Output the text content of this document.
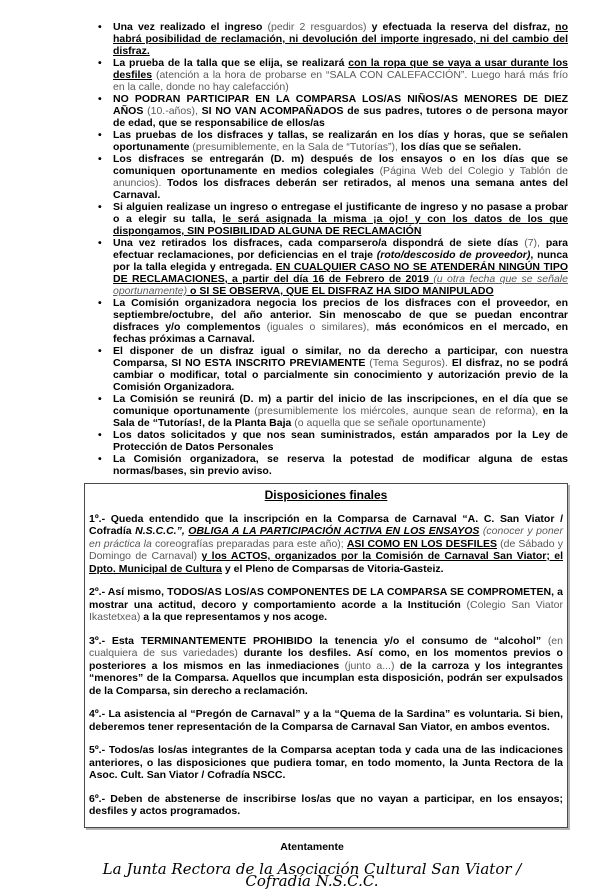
• Una vez realizado el ingreso (pedir 2 resguardos) y efectuada la reserva del disfraz, no habrá posibilidad de reclamación, ni devolución del importe ingresado, ni del cambio del disfraz.
• La prueba de la talla que se elija, se realizará con la ropa que se vaya a usar durante los desfiles (atención a la hora de probarse en “SALA CON CALEFACCIÓN”. Luego hará más frío en la calle, donde no hay calefacción)
• NO PODRAN PARTICIPAR EN LA COMPARSA LOS/AS NIÑOS/AS MENORES DE DIEZ AÑOS (10.-años), SI NO VAN ACOMPAÑADOS de sus padres, tutores o de persona mayor de edad, que se responsabilice de ellos/as
• Las pruebas de los disfraces y tallas, se realizarán en los días y horas, que se señalen oportunamente (presumiblemente, en la Sala de “Tutorías”), los días que se señalen.
• Los disfraces se entregarán (D. m) después de los ensayos o en los días que se comuniquen oportunamente en medios colegiales (Página Web del Colegio y Tablón de anuncios). Todos los disfraces deberán ser retirados, al menos una semana antes del Carnaval.
• Si alguien realizase un ingreso o entregase el justificante de ingreso y no pasase a probar o a elegir su talla, le será asignada la misma ¡a ojo! y con los datos de los que dispongamos, SIN POSIBILIDAD ALGUNA DE RECLAMACIÓN
• Una vez retirados los disfraces, cada comparsero/a dispondrá de siete días (7), para efectuar reclamaciones, por deficiencias en el traje (roto/descosido de proveedor), nunca por la talla elegida y entregada. EN CUALQUIER CASO NO SE ATENDERÁN NINGÚN TIPO DE RECLAMACIONES, a partir del día 16 de Febrero de 2019 (u otra fecha que se señale oportunamente) o SI SE OBSERVA, QUE EL DISFRAZ HA SIDO MANIPULADO
• La Comisión organizadora negocia los precios de los disfraces con el proveedor, en septiembre/octubre, del año anterior. Sin menoscabo de que se puedan encontrar disfraces y/o complementos (iguales o similares), más económicos en el mercado, en fechas próximas a Carnaval.
• El disponer de un disfraz igual o similar, no da derecho a participar, con nuestra Comparsa, SI NO ESTA INSCRITO PREVIAMENTE (Tema Seguros). El disfraz, no se podrá cambiar o modificar, total o parcialmente sin conocimiento y autorización previo de la Comisión Organizadora.
• La Comisión se reunirá (D. m) a partir del inicio de las inscripciones, en el día que se comunique oportunamente (presumiblemente los miércoles, aunque sean de reforma), en la Sala de “Tutorías!, de la Planta Baja (o aquella que se señale oportunamente)
• Los datos solicitados y que nos sean suministrados, están amparados por la Ley de Protección de Datos Personales
• La Comisión organizadora, se reserva la potestad de modificar alguna de estas normas/bases, sin previo aviso.
Disposiciones finales

1º.- Queda entendido que la inscripción en la Comparsa de Carnaval “A. C. San Viator / Cofradía N.S.C.C.”, OBLIGA A LA PARTICIPACIÓN ACTIVA EN LOS ENSAYOS (conocer y poner en práctica la coreografías preparadas para este año); ASI COMO EN LOS DESFILES (de Sábado y Domingo de Carnaval) y los ACTOS, organizados por la Comisión de Carnaval San Viator; el Dpto. Municipal de Cultura y el Pleno de Comparsas de Vitoria-Gasteiz.

2º.- Así mismo, TODOS/AS LOS/AS COMPONENTES DE LA COMPARSA SE COMPROMETEN, a mostrar una actitud, decoro y comportamiento acorde a la Institución (Colegio San Viator Ikastetxea) a la que representamos y nos acoge.

3º.- Esta TERMINANTEMENTE PROHIBIDO la tenencia y/o el consumo de “alcohol” (en cualquiera de sus variedades) durante los desfiles. Así como, en los momentos previos o posteriores a los mismos en las inmediaciones (junto a...) de la carroza y los integrantes “menores” de la Comparsa. Aquellos que incumplan esta disposición, podrán ser expulsados de la Comparsa, sin derecho a reclamación.

4º.- La asistencia al “Pregón de Carnaval” y a la “Quema de la Sardina” es voluntaria. Si bien, deberemos tener representación de la Comparsa de Carnaval San Viator, en ambos eventos.

5º.- Todos/as los/as integrantes de la Comparsa aceptan toda y cada una de las indicaciones anteriores, o las disposiciones que pudiera tomar, en todo momento, la Junta Rectora de la Asoc. Cult. San Viator / Cofradía NSCC.

6º.- Deben de abstenerse de inscribirse los/as que no vayan a participar, en los ensayos; desfiles y actos programados.

Atentamente

La Junta Rectora de la Asociación Cultural San Viator / Cofradía N.S.C.C.
